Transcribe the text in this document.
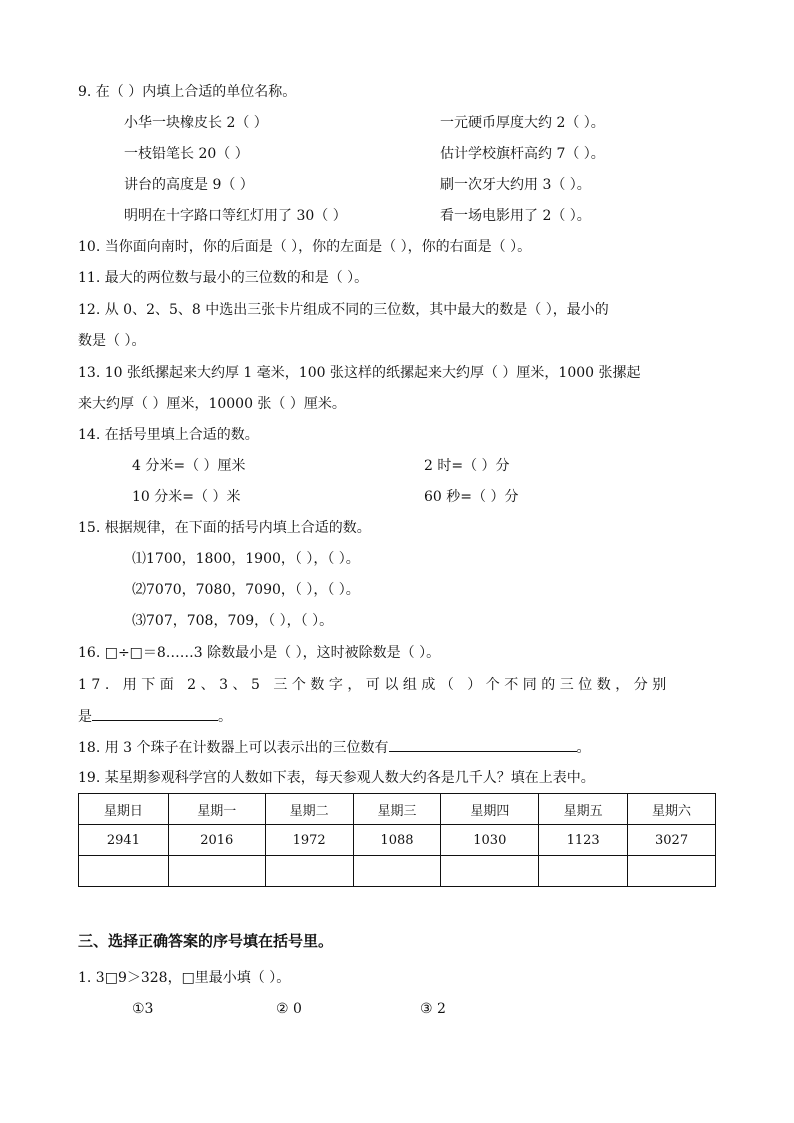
9. 在（ ）内填上合适的单位名称。
小华一块橡皮长 2（ ）	一元硬币厚度大约 2（ ）。
一枝铅笔长 20（ ）	估计学校旗杆高约 7（ ）。
讲台的高度是 9（ ）	刷一次牙大约用 3（ ）。
明明在十字路口等红灯用了 30（ ）	看一场电影用了 2（ ）。
10. 当你面向南时，你的后面是（ ），你的左面是（ ），你的右面是（ ）。
11. 最大的两位数与最小的三位数的和是（ ）。
12. 从 0、2、5、8 中选出三张卡片组成不同的三位数，其中最大的数是（ ），最小的
数是（ ）。
13. 10 张纸摞起来大约厚 1 毫米，100 张这样的纸摞起来大约厚（ ）厘米，1000 张摞起
来大约厚（ ）厘米，10000 张（ ）厘米。
14. 在括号里填上合适的数。
4 分米=（ ）厘米	2 时=（ ）分
10 分米=（ ）米	60 秒=（ ）分
15. 根据规律，在下面的括号内填上合适的数。
⑴1700，1800，1900，（ ），（ ）。
⑵7070，7080，7090，（ ），（ ）。
⑶707，708，709，（ ），（ ）。
16. □÷□＝8……3 除数最小是（ ），这时被除数是（ ）。
17. 用下面 2、3、5 三个数字，可以组成（ ）个不同的三位数，分别
是	。
18. 用 3 个珠子在计数器上可以表示出的三位数有	。
19. 某星期参观科学宫的人数如下表，每天参观人数大约各是几千人？填在上表中。
星期日	星期一	星期二	星期三	星期四	星期五	星期六
2941	2016	1972	1088	1030	1123	3027

三、选择正确答案的序号填在括号里。
1. 3□9＞328，□里最小填（ ）。
①3	② 0	③ 2
